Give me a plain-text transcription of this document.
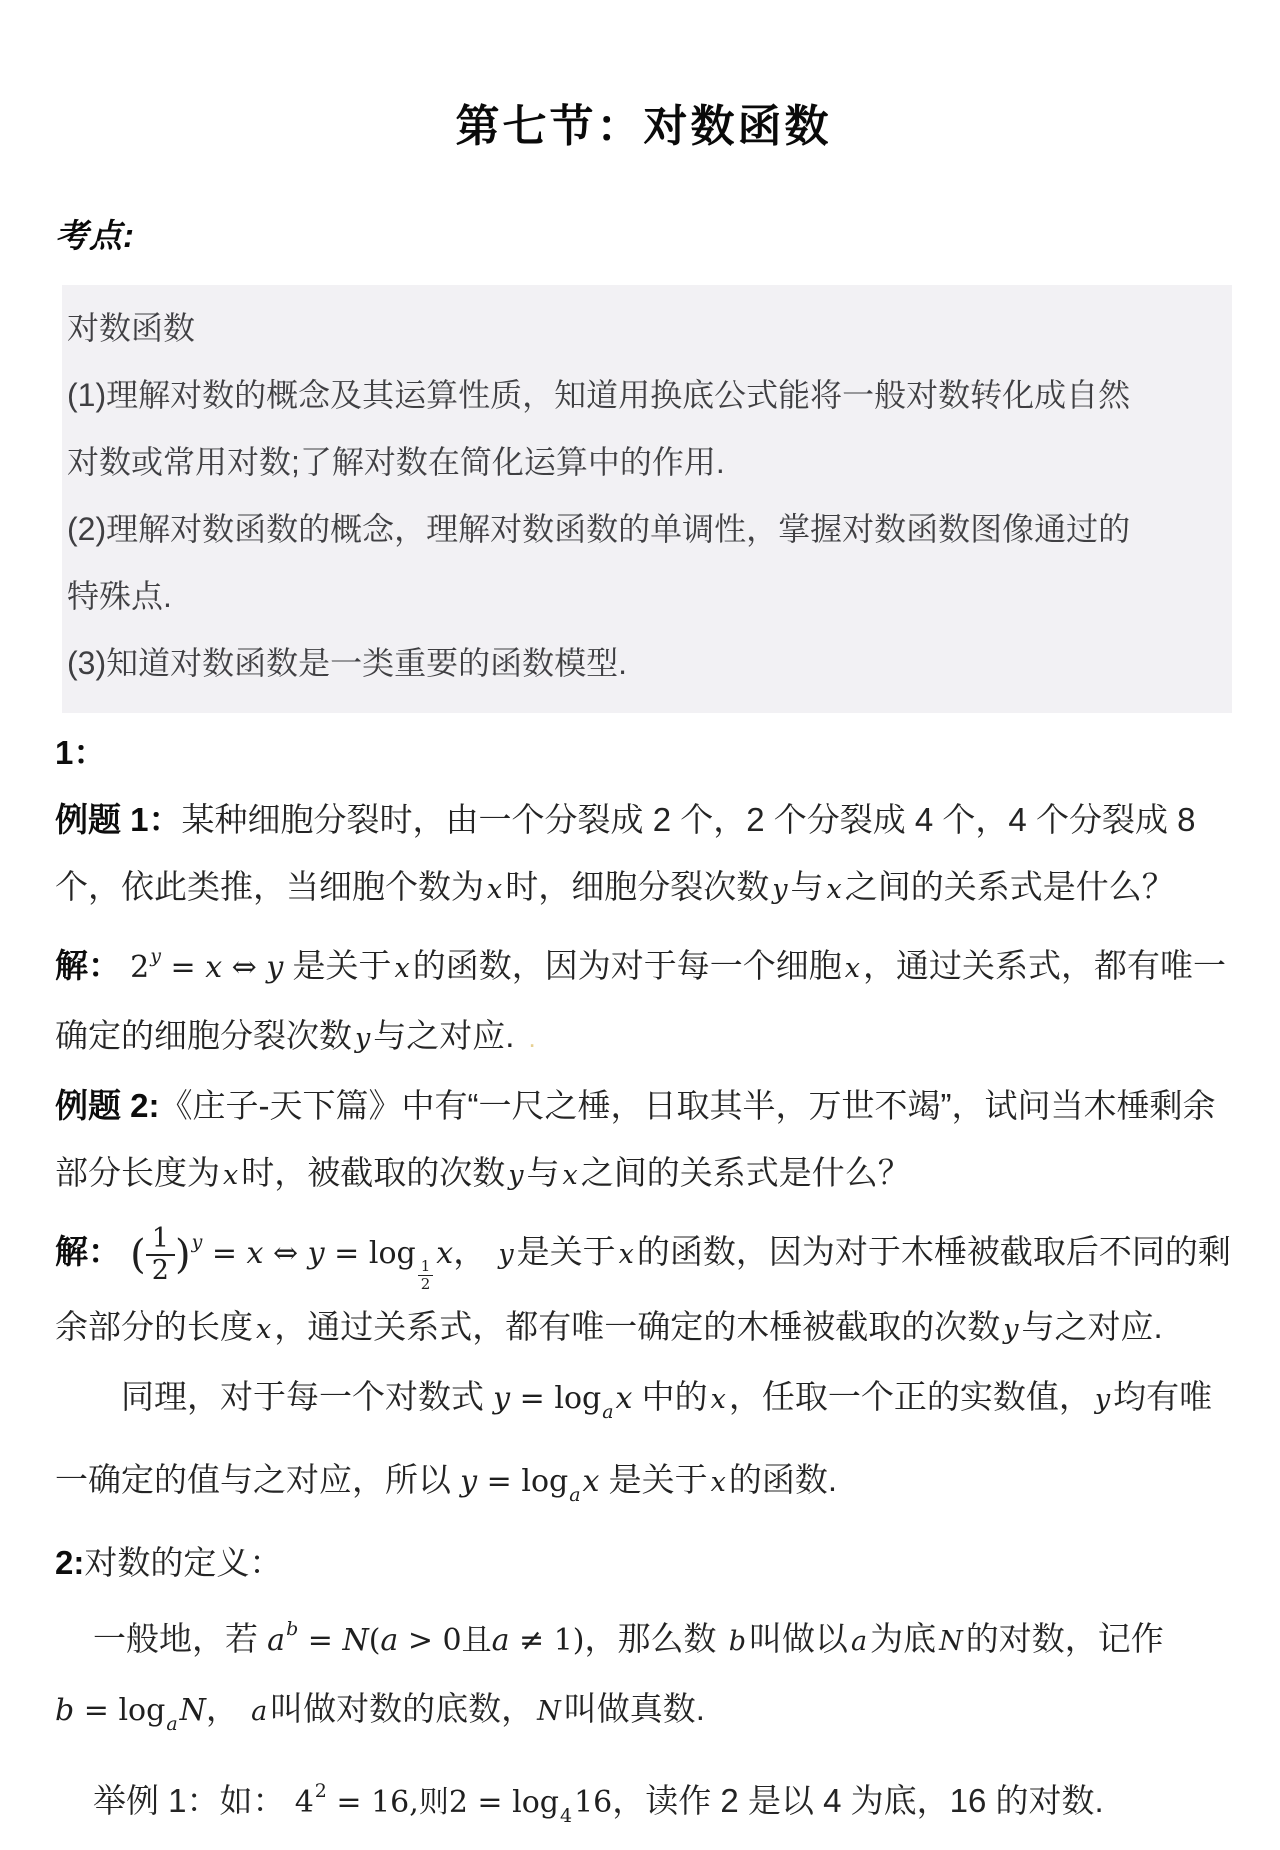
第七节：对数函数
考点:

对数函数

(1)理解对数的概念及其运算性质，知道用换底公式能将一般对数转化成自然对数或常用对数;了解对数在简化运算中的作用.

(2)理解对数函数的概念，理解对数函数的单调性，掌握对数函数图像通过的特殊点.

(3)知道对数函数是一类重要的函数模型.

1：

例题 1：某种细胞分裂时，由一个分裂成 2 个，2 个分裂成 4 个，4 个分裂成 8 个，依此类推，当细胞个数为 x时，细胞分裂次数 y与 x之间的关系式是什么？

解： $2^y = x$ ⇔ y 是关于 x的函数，因为对于每一个细胞 x，通过关系式，都有唯一确定的细胞分裂次数 y与之对应. .

例题 2:《庄子-天下篇》中有“一尺之棰，日取其半，万世不竭”，试问当木棰剩余部分长度为 x时，被截取的次数 y与 x之间的关系式是什么？

解： ( $\frac{1}{2} )^y = x$ ⇔ y = log
$\frac{1}{2}$
x， y是关于 x的函数，因为对于木棰被截取后不同的剩余部分的长度 x，通过关系式，都有唯一确定的木棰被截取的次数 y与之对应.

同理，对于每一个对数式 $y = \log_ax$ 中的 x，任取一个正的实数值， y均有唯一确定的值与之对应，所以 $y = \log_ax$ 是关于 x的函数.

2:对数的定义：

一般地，若 $a^b = N(a > 0$且a ≠ 1)，那么数 b叫做以 a为底 N的对数，记作

$b = \log_aN$， a叫做对数的底数， N叫做真数.

举例 1：如： $4^2 = 16$,则$2 = \log_416$，读作 2 是以 4 为底，16 的对数.
